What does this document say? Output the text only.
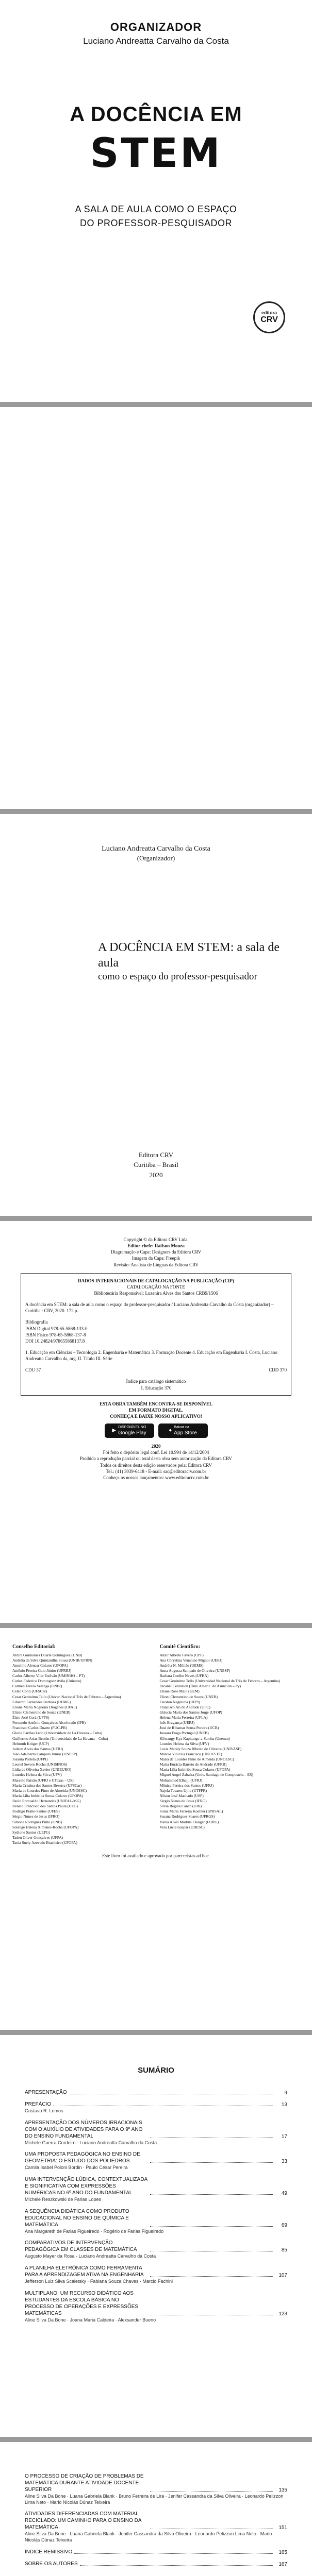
ORGANIZADOR
Luciano Andreatta Carvalho da Costa
A DOCÊNCIA EM
STEM
A SALA DE AULA COMO O ESPAÇO
DO PROFESSOR-PESQUISADOR
editora
CRV
Luciano Andreatta Carvalho da Costa
(Organizador)
A DOCÊNCIA EM STEM: a sala de aula
como o espaço do professor-pesquisador
Editora CRV
Curitiba – Brasil
2020
Copyright © da Editora CRV Ltda.
Editor-chefe: Railson Moura
Diagramação e Capa: Designers da Editora CRV
Imagem da Capa: Freepik
Revisão: Analista de Línguas da Editora CRV
DADOS INTERNACIONAIS DE CATALOGAÇÃO NA PUBLICAÇÃO (CIP)
CATALOGAÇÃO NA FONTE
Bibliotecária Responsável: Luzenira Alves dos Santos CRB9/1506
A docência em STEM: a sala de aula como o espaço do professor-pesquisador / Luciano Andreatta Carvalho da Costa (organizador) – Curitiba : CRV, 2020. 172 p.
Bibliografia
ISBN Digital 978-65-5868-133-0
ISBN Físico 978-65-5868-137-8
DOI 10.24824/978655868137.8
1. Educação em Ciências – Tecnologia 2. Engenharia e Matemática 3. Formação Docente 4. Educação em Engenharia I. Costa, Luciano Andreatta Carvalho da, org. II. Título III. Série
CDU 37	CDD 370
Índice para catálogo sistemático
1. Educação 370
ESTA OBRA TAMBÉM ENCONTRA-SE DISPONÍVEL
EM FORMATO DIGITAL.
CONHEÇA E BAIXE NOSSO APLICATIVO!
▶
DISPONÍVEL NO
Google Play	●
Baixar na
App Store
2020
Foi feito o depósito legal conf. Lei 10.994 de 14/12/2004
Proibida a reprodução parcial ou total desta obra sem autorização da Editora CRV
Todos os direitos desta edição reservados pela: Editora CRV
Tel.: (41) 3039-6418 - E-mail: sac@editoracrv.com.br
Conheça os nossos lançamentos: www.editoracrv.com.br
Conselho Editorial:
Aldira Guimarães Duarte Domínguez (UNB)
Andréia da Silva Quintanilha Sousa (UNIR/UFRN)
Anselmo Alencar Colares (UFOPA)
Antônio Pereira Gaio Júnior (UFRRJ)
Carlos Alberto Vilar Estêvão (UMINHO – PT)
Carlos Federico Dominguez Avila (Unieuro)
Carmen Tereza Velanga (UNIR)
Celso Conti (UFSCar)
Cesar Gerónimo Tello (Univer. Nacional Três de Febrero – Argentina)
Eduardo Fernandes Barbosa (UFMG)
Elione Maria Nogueira Diogenes (UFAL)
Elizeu Clementino de Souza (UNEB)
Élsio José Corá (UFFS)
Fernando Antônio Gonçalves Alcoforado (IPB)
Francisco Carlos Duarte (PUC-PR)
Gloria Fariñas León (Universidade de La Havana – Cuba)
Guillermo Arias Beatón (Universidade de La Havana – Cuba)
Helmuth Krüger (UCP)
Jailson Alves dos Santos (UFRJ)
João Adalberto Campato Junior (UNESP)
Josania Portela (UFPI)
Leonel Severo Rocha (UNISINOS)
Lídia de Oliveira Xavier (UNIEURO)
Lourdes Helena da Silva (UFV)
Marcelo Paixão (UFRJ e UTexas – US)
Maria Cristina dos Santos Bezerra (UFSCar)
Maria de Lourdes Pinto de Almeida (UNOESC)
Maria Lília Imbiriba Sousa Colares (UFOPA)
Paulo Romualdo Hernandes (UNIFAL-MG)
Renato Francisco dos Santos Paula (UFG)
Rodrigo Pratte-Santos (UFES)
Sérgio Nunes de Jesus (IFRO)
Simone Rodrigues Pinto (UNB)
Solange Helena Ximenes-Rocha (UFOPA)
Sydione Santos (UEPG)
Tadeu Oliver Gonçalves (UFPA)
Tania Suely Azevedo Brasileiro (UFOPA)
Comitê Científico:
Altair Alberto Fávero (UPF)
Ana Chrystina Venancio Mignot (UERJ)
Andréia N. Militão (UEMS)
Anna Augusta Sampaio de Oliveira (UNESP)
Barbara Coelho Neves (UFBA)
Cesar Gerónimo Tello (Universidad Nacional de Três de Febrero – Argentina)
Diosnel Centurion (Univ Americ. de Asunción – Py)
Eliane Rose Maio (UEM)
Elizeu Clementino de Souza (UNEB)
Fauston Negreiros (UFPI)
Francisco Ari de Andrade (UFC)
Gláucia Maria dos Santos Jorge (UFOP)
Helena Maria Ferreira (UFLA)
Inês Bragança (UERJ)
José de Ribamar Sousa Pereira (UCB)
Jussara Fraga Portugal (UNEB)
Kilwangy Kya Kapitango-a-Samba (Unemat)
Lourdes Helena da Silva (UFV)
Lucia Marisy Souza Ribeiro de Oliveira (UNIVASF)
Marcos Vinicius Francisco (UNOESTE)
Maria de Lourdes Pinto de Almeida (UNOESC)
Maria Eurácia Barreto de Andrade (UFRB)
Maria Lília Imbiriba Sousa Colares (UFOPA)
Míguel Angel Zabalza (Univ. Santiago de Compostela – ES)
Mohammed Elhajji (UFRJ)
Mônica Pereira dos Santos (UFRJ)
Najela Tavares Ujiie (UTFPR)
Nilson José Machado (USP)
Sérgio Nunes de Jesus (IFRO)
Silvia Regina Canan (URI)
Sonia Maria Ferreira Koehler (UNISAL)
Susana Rodrigues Soares (UFRGS)
Vânia Alves Martins Chaigar (FURG)
Vera Lucia Gaspar (UDESC)
Este livro foi avaliado e aprovado por pareceristas ad hoc.
SUMÁRIO
APRESENTAÇÃO	9
PREFÁCIO	13
Gustavo R. Lemos
APRESENTAÇÃO DOS NÚMEROS IRRACIONAIS COM O AUXÍLIO DE ATIVIDADES PARA O 9º ANO DO ENSINO FUNDAMENTAL	17
Michele Guerra Cordeiro · Luciano Andreatta Carvalho da Costa
UMA PROPOSTA PEDAGÓGICA NO ENSINO DE GEOMETRIA: O ESTUDO DOS POLIEDROS	33
Camila Isabel Poloni Bordin · Paulo César Pereira
UMA INTERVENÇÃO LÚDICA, CONTEXTUALIZADA E SIGNIFICATIVA COM EXPRESSÕES NUMÉRICAS NO 6º ANO DO FUNDAMENTAL	49
Michele Reszkowski de Farias Lopes
A SEQUÊNCIA DIDÁTICA COMO PRODUTO EDUCACIONAL NO ENSINO DE QUÍMICA E MATEMÁTICA	69
Ana Margareth de Farias Figueiredo · Rogério de Farias Figueiredo
COMPARATIVOS DE INTERVENÇÃO PEDAGÓGICA EM CLASSES DE MATEMÁTICA	85
Augusto Mayer da Rosa · Luciano Andreatta Carvalho da Costa
A PLANILHA ELETRÔNICA COMO FERRAMENTA PARA A APRENDIZAGEM ATIVA NA ENGENHARIA	107
Jefferson Luiz Silva Scaletsky · Fabiana Souza Chaves · Marcio Fachini
MULTIPLANO: UM RECURSO DIDÁTICO AOS ESTUDANTES DA ESCOLA BÁSICA NO PROCESSO DE OPERAÇÕES E EXPRESSÕES MATEMÁTICAS	123
Aline Silva Da Bone · Joana Maria Caldeira · Alexsander Bueno
O PROCESSO DE CRIAÇÃO DE PROBLEMAS DE MATEMÁTICA DURANTE ATIVIDADE DOCENTE SUPERIOR	135
Aline Silva Da Bone · Luana Gabriela Blank · Bruno Ferreira de Lira · Jenifer Cassandra da Silva Oliveira · Leonardo Pelizzon Lima Neto · Marlo Nicolás Dúnaz Teixeira
ATIVIDADES DIFERENCIADAS COM MATERIAL RECICLADO: UM CAMINHO PARA O ENSINO DA MATEMÁTICA	151
Aline Silva Da Bone · Luana Gabriela Blank · Jenifer Cassandra da Silva Oliveira · Leonardo Pelizzon Lima Neto · Marlo Nicolás Dúnaz Teixeira
ÍNDICE REMISSIVO	165
SOBRE OS AUTORES	167
